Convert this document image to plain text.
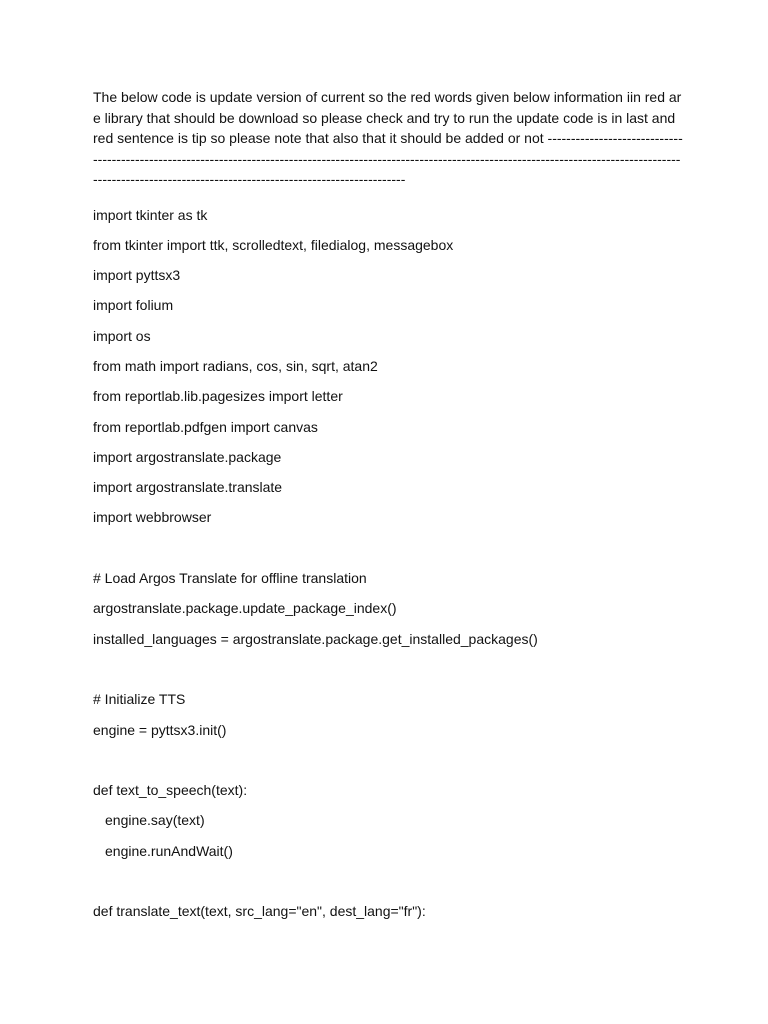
The below code is update version of current so the red words given below information iin red are library that should be download so please check and try to run the update code is in last and red sentence is tip so please note that also that it should be added or not ------------------------------------------------------------------------------------------------------------------------------------------------------------------------------------------------------------------------------

import tkinter as tk
from tkinter import ttk, scrolledtext, filedialog, messagebox
import pyttsx3
import folium
import os
from math import radians, cos, sin, sqrt, atan2
from reportlab.lib.pagesizes import letter
from reportlab.pdfgen import canvas
import argostranslate.package
import argostranslate.translate
import webbrowser
# Load Argos Translate for offline translation
argostranslate.package.update_package_index()
installed_languages = argostranslate.package.get_installed_packages()
# Initialize TTS
engine = pyttsx3.init()
def text_to_speech(text):
engine.say(text)
engine.runAndWait()
def translate_text(text, src_lang="en", dest_lang="fr"):
